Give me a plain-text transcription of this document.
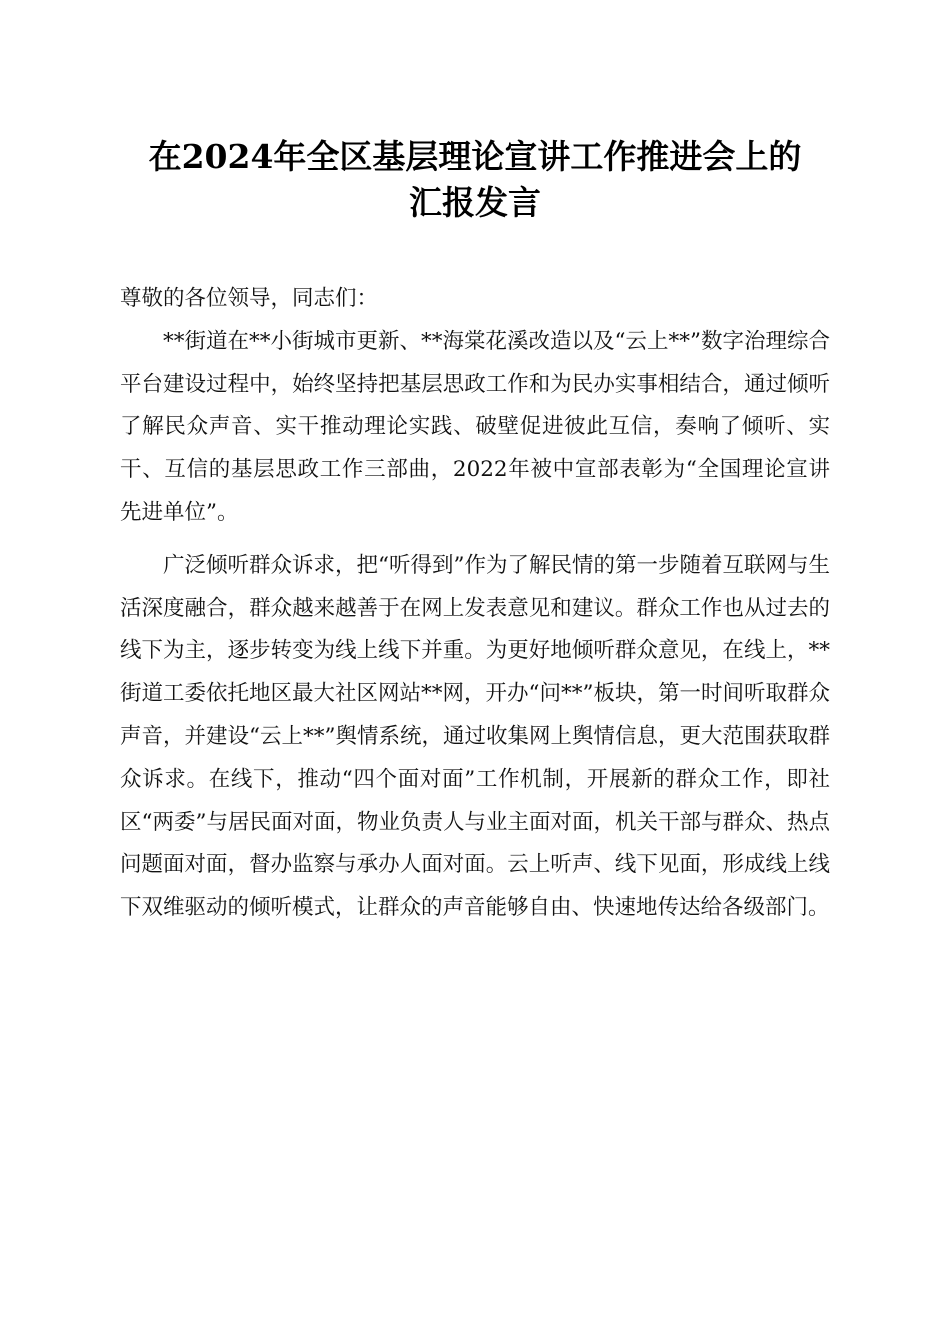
在2024年全区基层理论宣讲工作推进会上的
汇报发言

尊敬的各位领导，同志们：

**街道在**小街城市更新、**海棠花溪改造以及“云上**”数字治理综合平台建设过程中，始终坚持把基层思政工作和为民办实事相结合，通过倾听了解民众声音、实干推动理论实践、破壁促进彼此互信，奏响了倾听、实干、互信的基层思政工作三部曲，2022年被中宣部表彰为“全国理论宣讲先进单位”。

广泛倾听群众诉求，把“听得到”作为了解民情的第一步随着互联网与生活深度融合，群众越来越善于在网上发表意见和建议。群众工作也从过去的线下为主，逐步转变为线上线下并重。为更好地倾听群众意见，在线上，**街道工委依托地区最大社区网站**网，开办“问**”板块，第一时间听取群众声音，并建设“云上**”舆情系统，通过收集网上舆情信息，更大范围获取群众诉求。在线下，推动“四个面对面”工作机制，开展新的群众工作，即社区“两委”与居民面对面，物业负责人与业主面对面，机关干部与群众、热点问题面对面，督办监察与承办人面对面。云上听声、线下见面，形成线上线下双维驱动的倾听模式，让群众的声音能够自由、快速地传达给各级部门。
